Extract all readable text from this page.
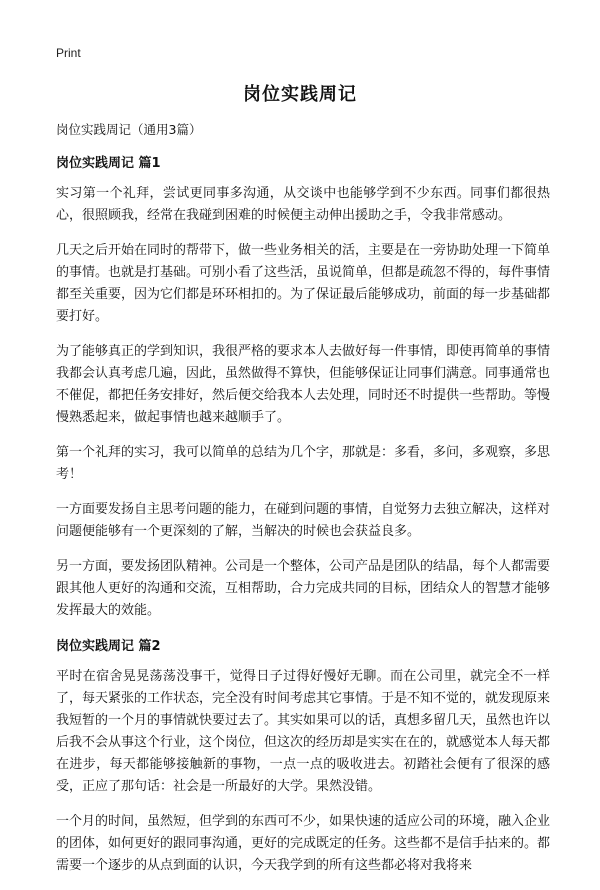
Print
岗位实践周记

岗位实践周记（通用3篇）

岗位实践周记 篇1

实习第一个礼拜，尝试更同事多沟通，从交谈中也能够学到不少东西。同事们都很热心，很照顾我，经常在我碰到困难的时候便主动伸出援助之手，令我非常感动。

几天之后开始在同时的帮带下，做一些业务相关的活，主要是在一旁协助处理一下简单的事情。也就是打基础。可别小看了这些活，虽说简单，但都是疏忽不得的，每件事情都至关重要，因为它们都是环环相扣的。为了保证最后能够成功，前面的每一步基础都要打好。

为了能够真正的学到知识，我很严格的要求本人去做好每一件事情，即使再简单的事情我都会认真考虑几遍，因此，虽然做得不算快，但能够保证让同事们满意。同事通常也不催促，都把任务安排好，然后便交给我本人去处理，同时还不时提供一些帮助。等慢慢熟悉起来，做起事情也越来越顺手了。

第一个礼拜的实习，我可以简单的总结为几个字，那就是：多看，多问，多观察，多思考！

一方面要发扬自主思考问题的能力，在碰到问题的事情，自觉努力去独立解决，这样对问题便能够有一个更深刻的了解，当解决的时候也会获益良多。

另一方面，要发扬团队精神。公司是一个整体，公司产品是团队的结晶，每个人都需要跟其他人更好的沟通和交流，互相帮助，合力完成共同的目标，团结众人的智慧才能够发挥最大的效能。

岗位实践周记 篇2

平时在宿舍晃晃荡荡没事干，觉得日子过得好慢好无聊。而在公司里，就完全不一样了，每天紧张的工作状态，完全没有时间考虑其它事情。于是不知不觉的，就发现原来我短暂的一个月的事情就快要过去了。其实如果可以的话，真想多留几天，虽然也许以后我不会从事这个行业，这个岗位，但这次的经历却是实实在在的，就感觉本人每天都在进步，每天都能够接触新的事物，一点一点的吸收进去。初踏社会便有了很深的感受，正应了那句话：社会是一所最好的大学。果然没错。

一个月的时间，虽然短，但学到的东西可不少，如果快速的适应公司的环境，融入企业的团体，如何更好的跟同事沟通，更好的完成既定的任务。这些都不是信手拈来的。都需要一个逐步的从点到面的认识，今天我学到的所有这些都必将对我将来
